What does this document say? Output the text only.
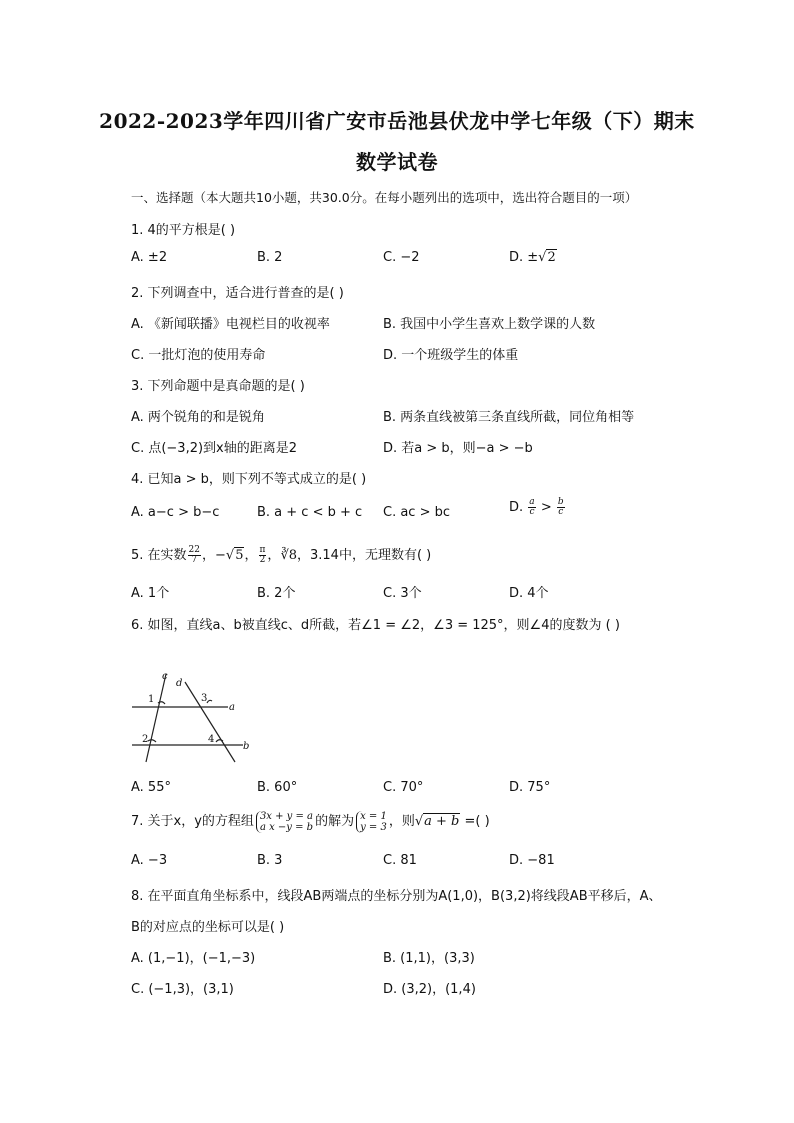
2022-2023学年四川省广安市岳池县伏龙中学七年级（下）期末
数学试卷
一、选择题（本大题共10小题，共30.0分。在每小题列出的选项中，选出符合题目的一项）
1. 4的平方根是( )
A. ±2	B. 2	C. −2	D. ±√2
2. 下列调查中，适合进行普查的是( )
A. 《新闻联播》电视栏目的收视率	B. 我国中小学生喜欢上数学课的人数
C. 一批灯泡的使用寿命	D. 一个班级学生的体重
3. 下列命题中是真命题的是( )
A. 两个锐角的和是锐角	B. 两条直线被第三条直线所截，同位角相等
C. 点(−3,2)到x轴的距离是2	D. 若a > b，则−a > −b
4. 已知a > b，则下列不等式成立的是( )
A. a−c > b−c	B. a + c < b + c C. ac > bc	D. $\frac{a}{c} > \frac{b}{c}$
5. 在实数 $\frac{22}{7}$ ，−√5， $\frac{\pi}{2}$ ，∛8，3.14中，无理数有( )
A. 1个	B. 2个	C. 3个	D. 4个
6. 如图，直线a、b被直线c、d所截，若∠1 = ∠2，∠3 = 125°，则∠4的度数为 ( )
c
d
a
b
1
2
3
4
A. 55°	B. 60°	C. 70°	D. 75°
7. 关于x，y的方程组 3x + y = a
a x −y = b 的解为 x = 1
y = 3 ，则√a + b =( )
A. −3	B. 3	C. 81	D. −81
8. 在平面直角坐标系中，线段AB两端点的坐标分别为A(1,0)，B(3,2)将线段AB平移后，A、
B的对应点的坐标可以是( )
A. (1,−1)，(−1,−3)	B. (1,1)，(3,3)
C. (−1,3)，(3,1)	D. (3,2)，(1,4)
